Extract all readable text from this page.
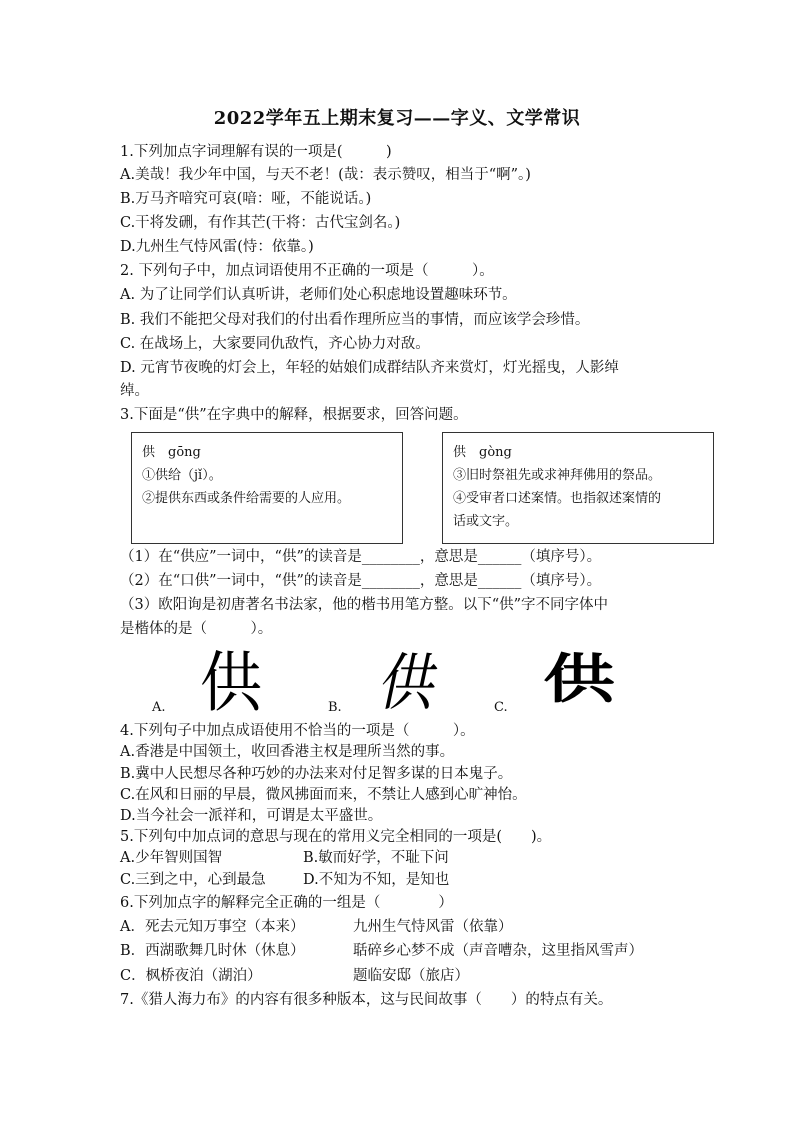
2022学年五上期末复习——字义、文学常识
1.下列加点字词理解有误的一项是(　　　)
A.美哉！我少年中国，与天不老！(哉：表示赞叹，相当于“啊”。)
B.万马齐喑究可哀(喑：哑，不能说话。)
C.干将发硎，有作其芒(干将：古代宝剑名。)
D.九州生气恃风雷(恃：依靠。)
2. 下列句子中，加点词语使用不正确的一项是（　　　）。
A. 为了让同学们认真听讲，老师们处心积虑地设置趣味环节。
B. 我们不能把父母对我们的付出看作理所应当的事情，而应该学会珍惜。
C. 在战场上，大家要同仇敌忾，齐心协力对敌。
D. 元宵节夜晚的灯会上，年轻的姑娘们成群结队齐来赏灯，灯光摇曳，人影绰
绰。
3.下面是“供”在字典中的解释，根据要求，回答问题。
供　gōng
①供给（jǐ）。
②提供东西或条件给需要的人应用。
供　gòng
③旧时祭祖先或求神拜佛用的祭品。
④受审者口述案情。也指叙述案情的
话或文字。
（1）在“供应”一词中，“供”的读音是________，意思是______（填序号）。
（2）在“口供”一词中，“供”的读音是________，意思是______（填序号）。
（3）欧阳询是初唐著名书法家，他的楷书用笔方整。以下“供”字不同字体中
是楷体的是（　　　）。
A. 供	B. 供	C. 供
4.下列句子中加点成语使用不恰当的一项是（　　　）。
A.香港是中国领土，收回香港主权是理所当然的事。
B.冀中人民想尽各种巧妙的办法来对付足智多谋的日本鬼子。
C.在风和日丽的早晨，微风拂面而来，不禁让人感到心旷神怡。
D.当今社会一派祥和，可谓是太平盛世。
5.下列句中加点词的意思与现在的常用义完全相同的一项是(　　)。
A.少年智则国智	B.敏而好学，不耻下问
C.三到之中，心到最急	D.不知为不知，是知也
6.下列加点字的解释完全正确的一组是（　　　　）
A．死去元知万事空（本来）	九州生气恃风雷（依靠）
B．西湖歌舞几时休（休息）	聒碎乡心梦不成（声音嘈杂，这里指风雪声）
C．枫桥夜泊（湖泊）	题临安邸（旅店）
7.《猎人海力布》的内容有很多种版本，这与民间故事（　　）的特点有关。
